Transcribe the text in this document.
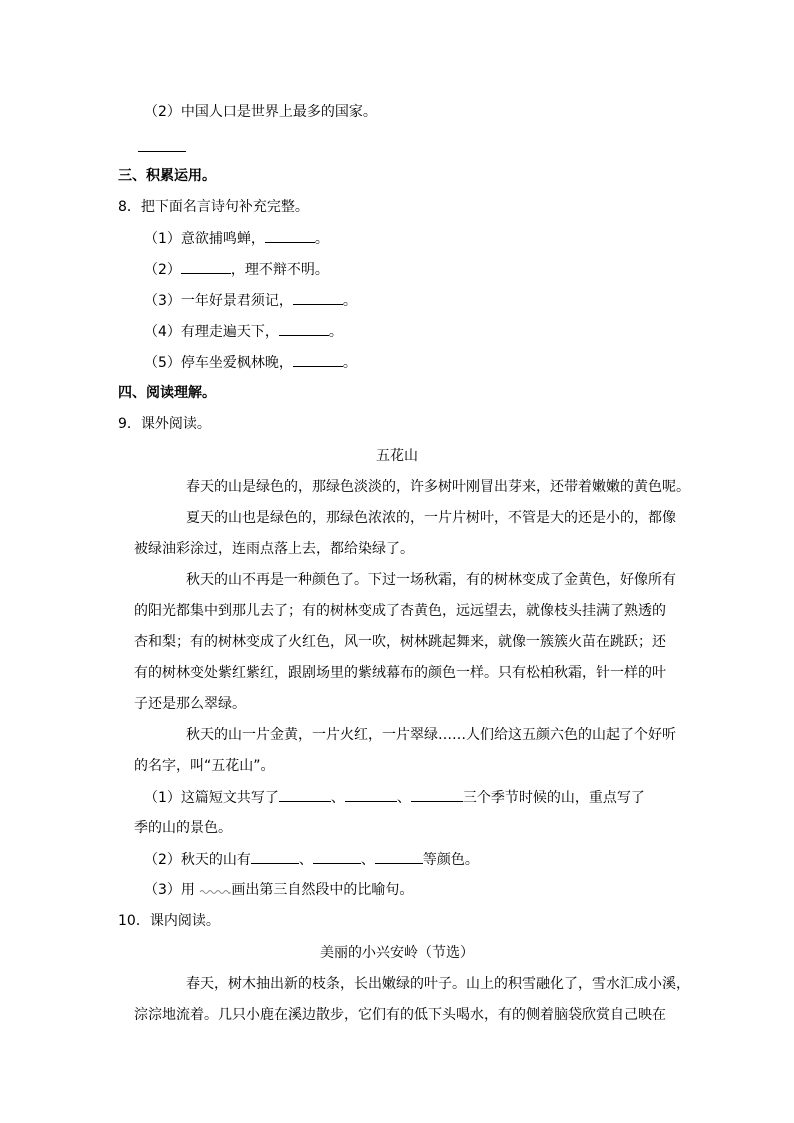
（2）中国人口是世界上最多的国家。
三、积累运用。
8．把下面名言诗句补充完整。
（1）意欲捕鸣蝉，	。
（2）	，理不辩不明。
（3）一年好景君须记，	。
（4）有理走遍天下，	。
（5）停车坐爱枫林晚，	。
四、阅读理解。
9．课外阅读。
五花山
春天的山是绿色的，那绿色淡淡的，许多树叶刚冒出芽来，还带着嫩嫩的黄色呢。
夏天的山也是绿色的，那绿色浓浓的，一片片树叶，不管是大的还是小的，都像
被绿油彩涂过，连雨点落上去，都给染绿了。
秋天的山不再是一种颜色了。下过一场秋霜，有的树林变成了金黄色，好像所有
的阳光都集中到那儿去了；有的树林变成了杏黄色，远远望去，就像枝头挂满了熟透的
杏和梨；有的树林变成了火红色，风一吹，树林跳起舞来，就像一簇簇火苗在跳跃；还
有的树林变处紫红紫红，跟剧场里的紫绒幕布的颜色一样。只有松柏秋霜，针一样的叶
子还是那么翠绿。
秋天的山一片金黄，一片火红，一片翠绿……人们给这五颜六色的山起了个好听
的名字，叫“五花山”。
（1）这篇短文共写了	、	、	三个季节时候的山，重点写了
季的山的景色。
（2）秋天的山有	、	、	等颜色。
（3）用	画出第三自然段中的比喻句。
10．课内阅读。
美丽的小兴安岭（节选）
春天，树木抽出新的枝条，长出嫩绿的叶子。山上的积雪融化了，雪水汇成小溪，
淙淙地流着。几只小鹿在溪边散步，它们有的低下头喝水，有的侧着脑袋欣赏自己映在
